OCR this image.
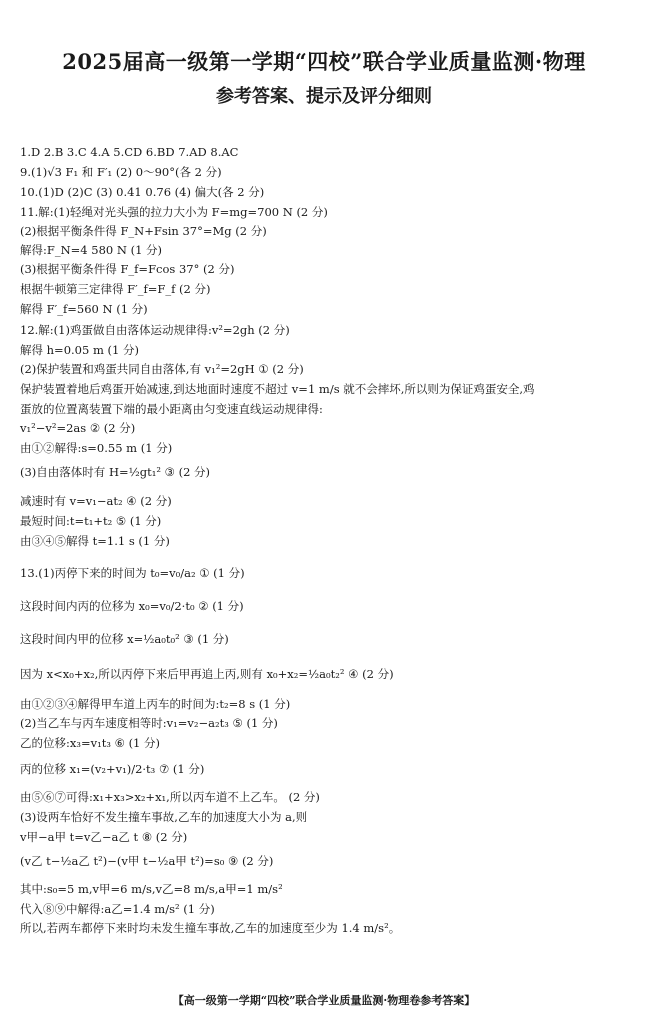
2025届高一级第一学期“四校”联合学业质量监测·物理
参考答案、提示及评分细则
1.D 2.B 3.C 4.A 5.CD 6.BD 7.AD 8.AC
9.(1)√3 F₁ 和 F′₁ (2) 0～90°(各 2 分)
10.(1)D (2)C (3) 0.41 0.76 (4) 偏大(各 2 分)
11.解:(1)轻绳对光头强的拉力大小为 F=mg=700 N (2 分)
(2)根据平衡条件得 F_N+Fsin 37°=Mg (2 分)
解得:F_N=4 580 N (1 分)
(3)根据平衡条件得 F_f=Fcos 37° (2 分)
根据牛顿第三定律得 F′_f=F_f (2 分)
解得 F′_f=560 N (1 分)
12.解:(1)鸡蛋做自由落体运动规律得:v²=2gh (2 分)
解得 h=0.05 m (1 分)
(2)保护装置和鸡蛋共同自由落体,有 v₁²=2gH ① (2 分)
保护装置着地后鸡蛋开始减速,到达地面时速度不超过 v=1 m/s 就不会摔坏,所以则为保证鸡蛋安全,鸡
蛋放的位置离装置下端的最小距离由匀变速直线运动规律得:
v₁²−v²=2as ② (2 分)
由①②解得:s=0.55 m (1 分)
(3)自由落体时有 H=½gt₁² ③ (2 分)
减速时有 v=v₁−at₂ ④ (2 分)
最短时间:t=t₁+t₂ ⑤ (1 分)
由③④⑤解得 t=1.1 s (1 分)
13.(1)丙停下来的时间为 t₀=v₀/a₂ ① (1 分)
这段时间内丙的位移为 x₀=v₀/2·t₀ ② (1 分)
这段时间内甲的位移 x=½a₀t₀² ③ (1 分)
因为 x<x₀+x₂,所以丙停下来后甲再追上丙,则有 x₀+x₂=½a₀t₂² ④ (2 分)
由①②③④解得甲车道上丙车的时间为:t₂=8 s (1 分)
(2)当乙车与丙车速度相等时:v₁=v₂−a₂t₃ ⑤ (1 分)
乙的位移:x₃=v₁t₃ ⑥ (1 分)
丙的位移 x₁=(v₂+v₁)/2·t₃ ⑦ (1 分)
由⑤⑥⑦可得:x₁+x₃>x₂+x₁,所以丙车道不上乙车。 (2 分)
(3)设两车恰好不发生撞车事故,乙车的加速度大小为 a,则
v甲−a甲 t=v乙−a乙 t ⑧ (2 分)
(v乙 t−½a乙 t²)−(v甲 t−½a甲 t²)=s₀ ⑨ (2 分)
其中:s₀=5 m,v甲=6 m/s,v乙=8 m/s,a甲=1 m/s²
代入⑧⑨中解得:a乙=1.4 m/s² (1 分)
所以,若两车都停下来时均未发生撞车事故,乙车的加速度至少为 1.4 m/s²。
【高一级第一学期“四校”联合学业质量监测·物理卷参考答案】
